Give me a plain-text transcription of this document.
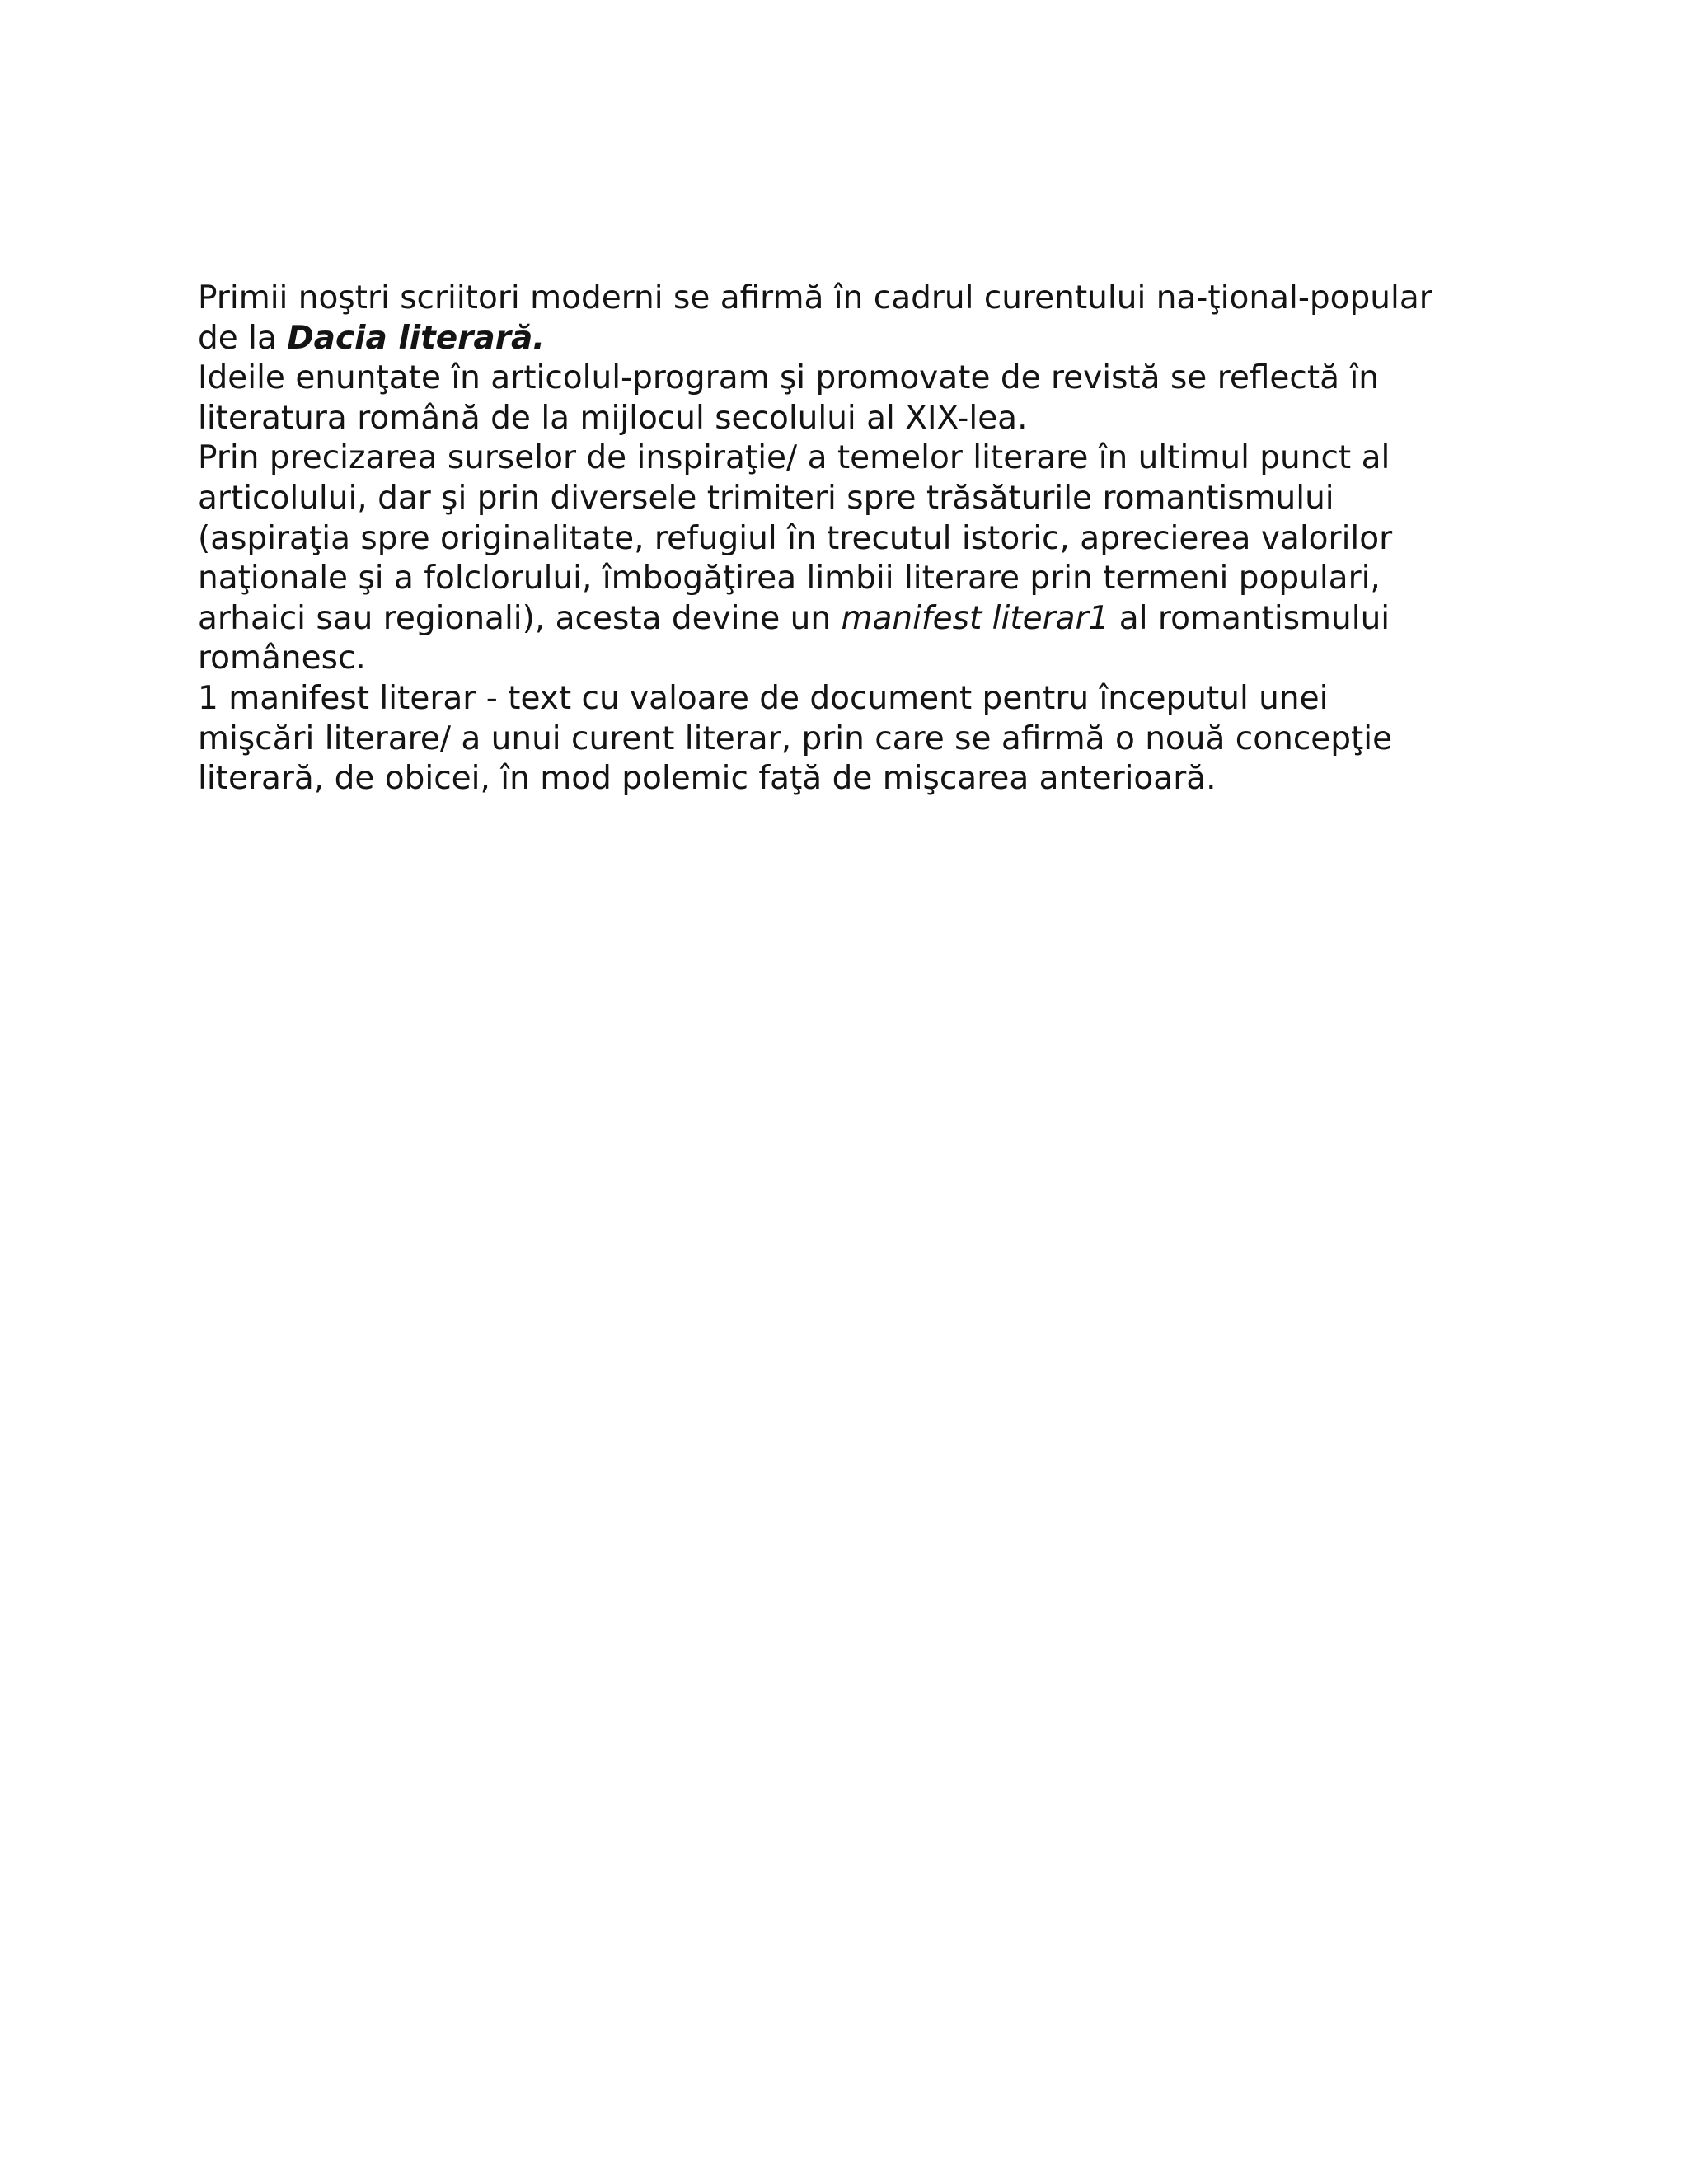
Primii noştri scriitori moderni se afirmă în cadrul curentului na-ţional-popular
de la Dacia literară.
Ideile enunţate în articolul-program şi promovate de revistă se reflectă în
literatura română de la mijlocul secolului al XIX-lea.
Prin precizarea surselor de inspiraţie/ a temelor literare în ultimul punct al
articolului, dar şi prin diversele trimiteri spre trăsăturile romantismului
(aspiraţia spre originalitate, refugiul în trecutul istoric, aprecierea valorilor
naţionale şi a folclorului, îmbogăţirea limbii literare prin termeni populari,
arhaici sau regionali), acesta devine un manifest literar1 al romantismului
românesc.
1 manifest literar - text cu valoare de document pentru începutul unei
mişcări literare/ a unui curent literar, prin care se afirmă o nouă concepţie
literară, de obicei, în mod polemic faţă de mişcarea anterioară.
